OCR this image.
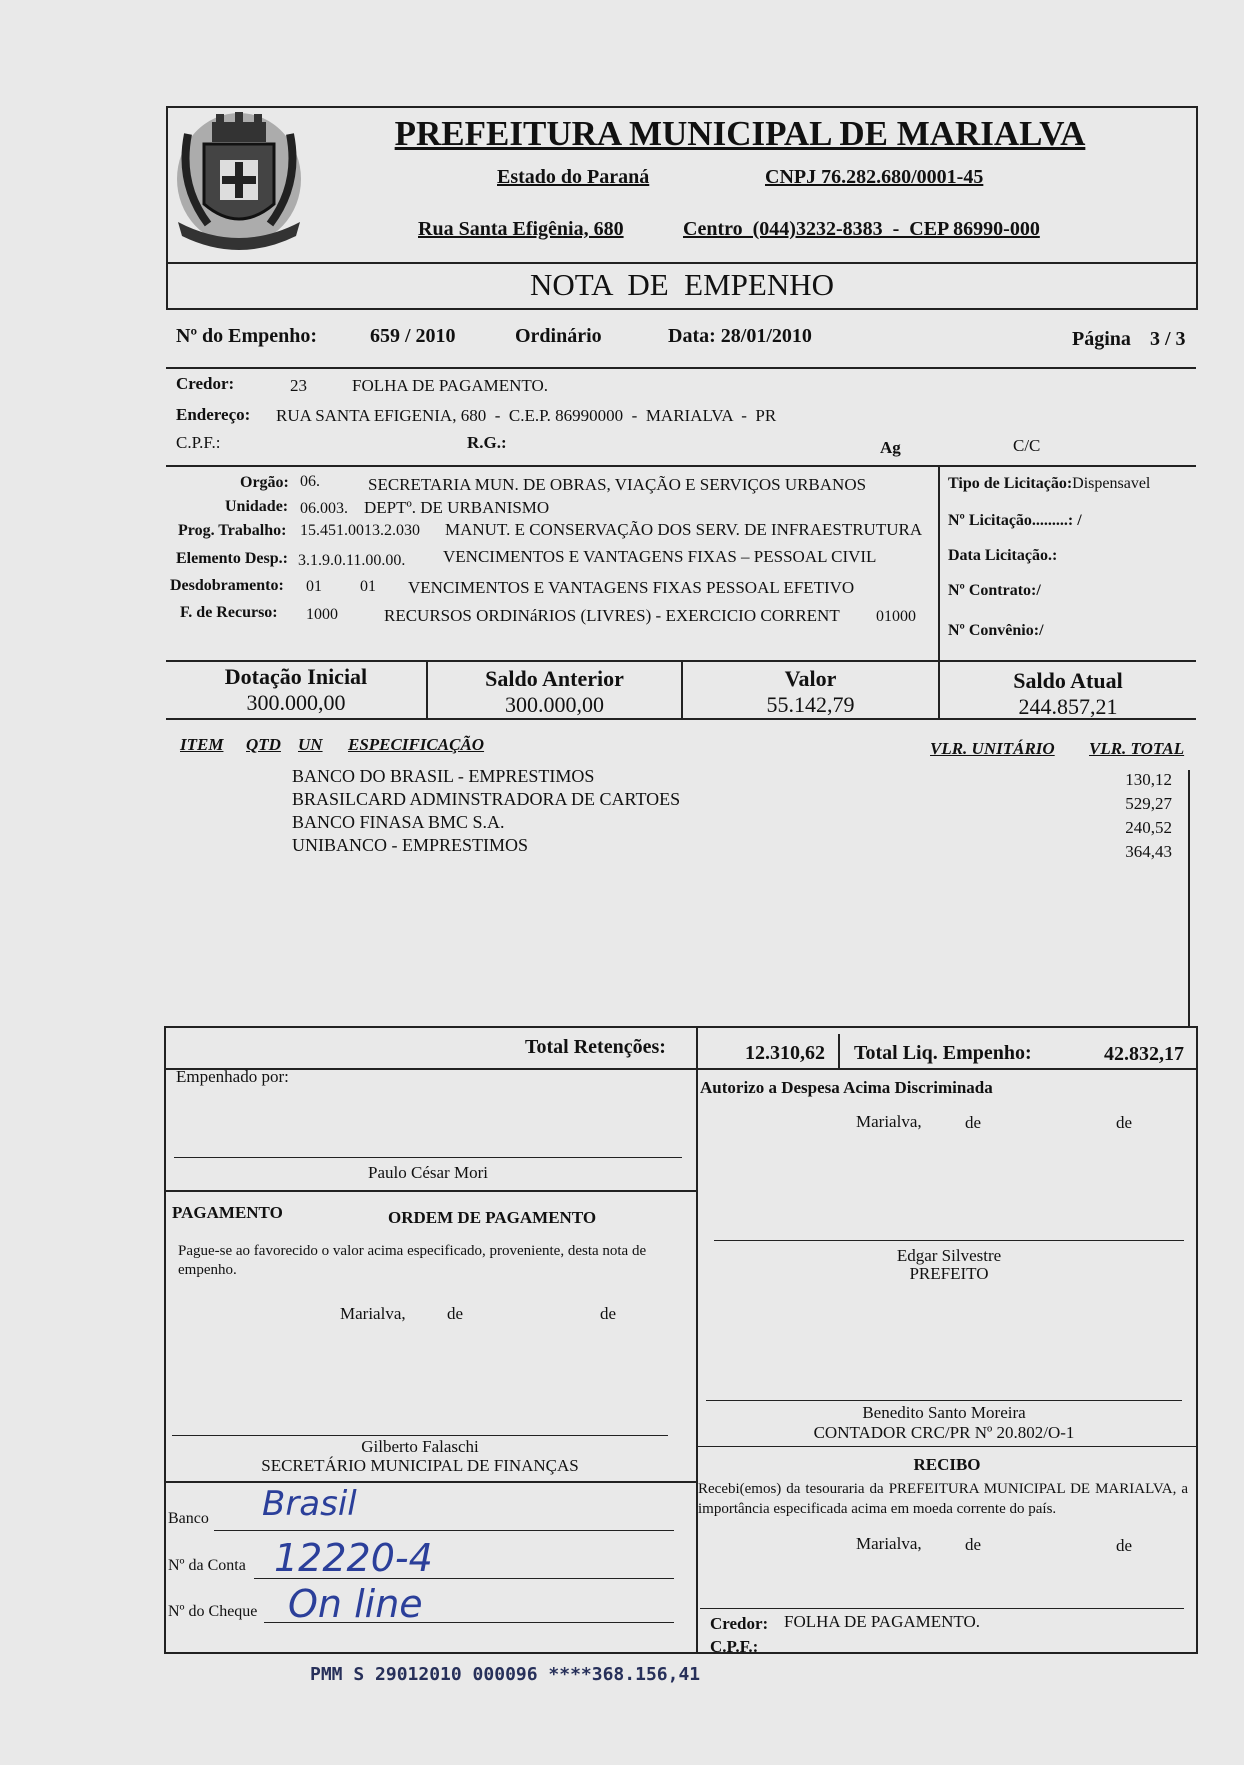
PREFEITURA MUNICIPAL DE MARIALVA
Estado do Paraná	CNPJ 76.282.680/0001-45
Rua Santa Efigênia, 680	Centro  (044)3232-8383  -  CEP 86990-000
NOTA  DE  EMPENHO
Nº do Empenho:	659 / 2010	Ordinário	Data: 28/01/2010	Página 3 / 3
Credor:	23	FOLHA DE PAGAMENTO.
Endereço: RUA SANTA EFIGENIA, 680  -  C.E.P. 86990000  -  MARIALVA  -  PR
C.P.F.:	R.G.:	Ag	C/C
Orgão: 06.	SECRETARIA MUN. DE OBRAS, VIAÇÃO E SERVIÇOS URBANOS
Unidade: 06.003. DEPTº. DE URBANISMO
Prog. Trabalho: 15.451.0013.2.030 MANUT. E CONSERVAÇÃO DOS SERV. DE INFRAESTRUTURA
Elemento Desp.: 3.1.9.0.11.00.00. VENCIMENTOS E VANTAGENS FIXAS – PESSOAL CIVIL
Desdobramento: 01 01 VENCIMENTOS E VANTAGENS FIXAS PESSOAL EFETIVO
F. de Recurso: 1000	RECURSOS ORDINáRIOS (LIVRES) - EXERCICIO CORRENT 01000
Tipo de Licitação:Dispensavel
Nº Licitação.........: /
Data Licitação.:
Nº Contrato:/
Nº Convênio:/
Dotação Inicial
300.000,00
Saldo Anterior
300.000,00
Valor
55.142,79
Saldo Atual
244.857,21
ITEM QTD UN ESPECIFICAÇÃO	VLR. UNITÁRIO VLR. TOTAL
BANCO DO BRASIL - EMPRESTIMOS	130,12
BRASILCARD ADMINSTRADORA DE CARTOES	529,27
BANCO FINASA BMC S.A.	240,52
UNIBANCO - EMPRESTIMOS	364,43
Total Retenções:	12.310,62 Total Liq. Empenho:	42.832,17
Empenhado por:
Paulo César Mori
Autorizo a Despesa Acima Discriminada
Marialva,	de	de
Edgar Silvestre
PREFEITO
PAGAMENTO	ORDEM DE PAGAMENTO
Pague-se ao favorecido o valor acima especificado, proveniente, desta nota de empenho.
Marialva, de	de
Gilberto Falaschi
SECRETÁRIO MUNICIPAL DE FINANÇAS
Benedito Santo Moreira
CONTADOR CRC/PR Nº 20.802/O-1
RECIBO
Recebi(emos) da tesouraria da PREFEITURA MUNICIPAL DE MARIALVA, a importância especificada acima em moeda corrente do país.
Marialva,	de	de
Credor: FOLHA DE PAGAMENTO.
C.P.F.:
Banco Brasil
Nº da Conta 12220-4
Nº do Cheque On line
PMM S 29012010 000096 ****368.156,41
